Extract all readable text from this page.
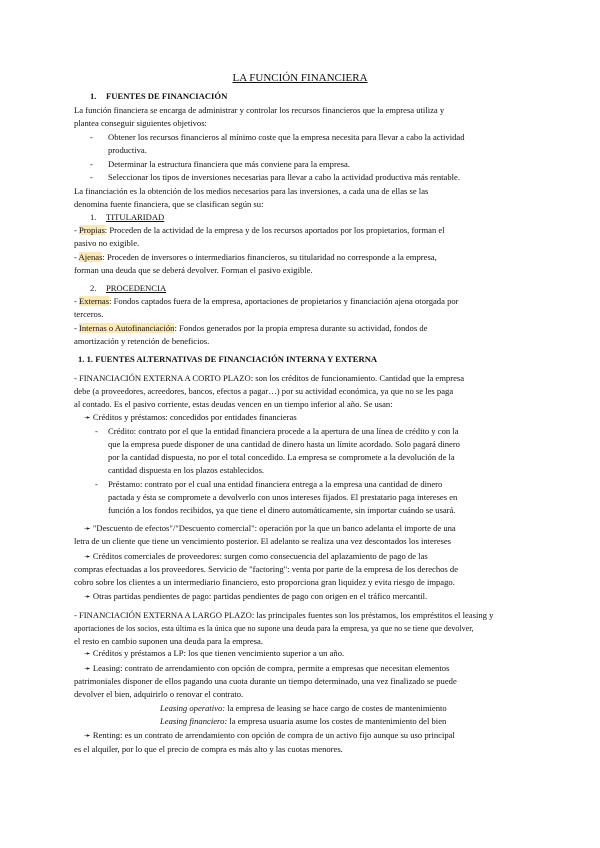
LA FUNCIÓN FINANCIERA
1. FUENTES DE FINANCIACIÓN
La función financiera se encarga de administrar y controlar los recursos financieros que la empresa utiliza y
plantea conseguir siguientes objetivos:
- Obtener los recursos financieros al mínimo coste que la empresa necesita para llevar a cabo la actividad
productiva.
- Determinar la estructura financiera que más conviene para la empresa.
- Seleccionar los tipos de inversiones necesarias para llevar a cabo la actividad productiva más rentable.
La financiación es la obtención de los medios necesarios para las inversiones, a cada una de ellas se las
denomina fuente financiera, que se clasifican según su:
1. TITULARIDAD
- Propias: Proceden de la actividad de la empresa y de los recursos aportados por los propietarios, forman el
pasivo no exigible.
- Ajenas: Proceden de inversores o intermediarios financieros, su titularidad no corresponde a la empresa,
forman una deuda que se deberá devolver. Forman el pasivo exigible.
2. PROCEDENCIA
- Externas: Fondos captados fuera de la empresa, aportaciones de propietarios y financiación ajena otorgada por
terceros.
- Internas o Autofinanciación: Fondos generados por la propia empresa durante su actividad, fondos de
amortización y retención de beneficios.
1. 1. FUENTES ALTERNATIVAS DE FINANCIACIÓN INTERNA Y EXTERNA
- FINANCIACIÓN EXTERNA A CORTO PLAZO: son los créditos de funcionamiento. Cantidad que la empresa
debe (a proveedores, acreedores, bancos, efectos a pagar…) por su actividad económica, ya que no se les paga
al contado. Es el pasivo corriente, estas deudas vencen en un tiempo inferior al año. Se usan:
➛ Créditos y préstamos: concedidos por entidades financieras
- Crédito: contrato por el que la entidad financiera procede a la apertura de una línea de crédito y con la
que la empresa puede disponer de una cantidad de dinero hasta un límite acordado. Solo pagará dinero
por la cantidad dispuesta, no por el total concedido. La empresa se compromete a la devolución de la
cantidad dispuesta en los plazos establecidos.
- Préstamo: contrato por el cual una entidad financiera entrega a la empresa una cantidad de dinero
pactada y ésta se compromete a devolverlo con unos intereses fijados. El prestatario paga intereses en
función a los fondos recibidos, ya que tiene el dinero automáticamente, sin importar cuándo se usará.
➛ "Descuento de efectos"/"Descuento comercial": operación por la que un banco adelanta el importe de una
letra de un cliente que tiene un vencimiento posterior. El adelanto se realiza una vez descontados los intereses
➛ Créditos comerciales de proveedores: surgen como consecuencia del aplazamiento de pago de las
compras efectuadas a los proveedores. Servicio de "factoring": venta por parte de la empresa de los derechos de
cobro sobre los clientes a un intermediario financiero, esto proporciona gran liquidez y evita riesgo de impago.
➛ Otras partidas pendientes de pago: partidas pendientes de pago con origen en el tráfico mercantil.
- FINANCIACIÓN EXTERNA A LARGO PLAZO: las principales fuentes son los préstamos, los empréstitos el leasing y
aportaciones de los socios, esta última es la única que no supone una deuda para la empresa, ya que no se tiene que devolver,
el resto en cambio suponen una deuda para la empresa.
➛ Créditos y préstamos a LP: los que tienen vencimiento superior a un año.
➛ Leasing: contrato de arrendamiento con opción de compra, permite a empresas que necesitan elementos
patrimoniales disponer de ellos pagando una cuota durante un tiempo determinado, una vez finalizado se puede
devolver el bien, adquirirlo o renovar el contrato.
Leasing operativo: la empresa de leasing se hace cargo de costes de mantenimiento
Leasing financiero: la empresa usuaria asume los costes de mantenimiento del bien
➛ Renting: es un contrato de arrendamiento con opción de compra de un activo fijo aunque su uso principal
es el alquiler, por lo que el precio de compra es más alto y las cuotas menores.
